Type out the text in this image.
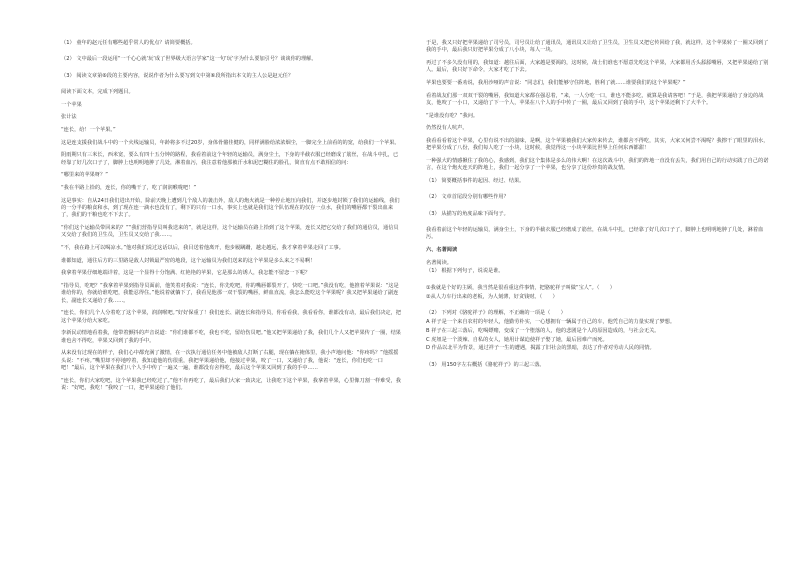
（1） 童年的赵元任有哪些超乎常人的优点？请简要概括。

（2） 文中最后一段运用“一千心心就‘玩’成了世界级大语言学家”这一句‘玩’字为什么要加引号？谈谈你的理解。

（3） 阅读文章第⑥段的主要内容，说说作者为什么要写到文中第⑥段所指出本文的主人公是赵元任？

阅读下面文本，完成下列题目。

一个苹果

张计法

“连长，给！一个苹果。”

这是连支援我们战斗中的一个火线运输员，年龄将多不过20岁，身体骨骼佳健的，同样满脸给浓浓烟尘，一脚完全上前看的的宽，给我们一个苹果。

阴雨期只有三米长，西米宽，要么有四十五分钟的路程，我看着前这个年轻的运输员，满身尘土，下身的半截衣服已经磨成了筋丝，在战斗中扎，已经靠了好几次口子了，脚肿上也明明地肿了几处，淋着血污，我注意着他那被汗水和泥巴糊住的脸孔，简直有点不敢相信的问：

“哪里来的苹果呀？”

“我在半路上拾的，连长，你的嘴干了，吃了润润喉咙吧！”

这是事实：自从24日我们进出开始，除前天晚上遭到几个敌人的袭击外，敌人的炮火就是一种停止地压向我们，并逐步地封锁了我们的运输线，我们的一分半的粮食和水，到了现在连一滴水也没有了，剩下的只有一口水，事实上也就是我们这个队伍现在的仅存一点水，我们的嘴唇都干裂出血来了，我们的干粮也吃不下去了。

“你们这个运输员带回来的？”“我们营指导员叫我送来的”，就是这样，这个运输员在路上拾到了这个苹果，连长又把它交给了我们的通信员，通信员又交给了我们的卫生员，卫生员又交给了我……。

“不，我在路上可以喝凉水。”他对我们说过这话以后，我目送着他离开，他步履蹒跚，越走越远，我才拿着苹果走回了工事。

谁都知道，通往后方的三里路是敌人封锁最严密的地段，这个运输员为我们送来的这个苹果是多么来之不易啊！

我拿着苹果仔细地端详着，这是一个显得十分饱满、红艳艳的苹果，它是那么的诱人，我怎能不留恋一下呢？

“指导员，吃吧？”我拿着苹果到指导员面前，他笑着对我说：“连长，你先吃吧，你的嘴唇都裂开了，快吃一口吧。”我没有吃，他推着苹果说：“这是谁给你的，你就给谁吃吧，我能忍得住。”他说着就躺下了，我看见他那一双干裂的嘴唇，鲜血直流，我怎么能吃这个苹果呢？我又把苹果递给了副连长，副连长又递给了我……。

“连长，你们几个人分着吃了这个苹果，润润喉吧。”好好保重了！我们连长、副连长和指导员，你看看我，我看看你，谁都没有动，最后我们决定，把这个苹果分给大家吃。

李新民动情地看着我，他带着颤抖的声音说道：“你们谁都不吃，我也不吃，留给伤员吧。”他又把苹果递给了我，我们几个人又把苹果传了一圈，结果谁也舍不得吃，苹果又回到了我的手中。

从来没有过现在的样子，我们心中都充满了激情，在一次执行通信任务中他被敌人打断了右腿，现在躺在掩体里，我小声地问他：“你疼吗？”他摇摇头说：“不疼。”嘴里却不停地哼着，我知道他的伤很重，我把苹果递给他，他接过苹果，咬了一口，又递给了我，他说：“连长，你们也吃一口吧！”最后，这个苹果在我们八个人手中传了一遍又一遍，谁都没有舍得吃，最后这个苹果又回到了我的手中……

“连长，你们大家吃吧，这个苹果我已经吃过了。”他不肯再吃了，最后我们大家一致决定，让我吃下这个苹果，我拿着苹果，心里像刀割一样难受，我说：“好吧，我吃！”我咬了一口，把苹果递给了他们。

于是，我又只好把苹果递给了司号员，司号员让给了通讯员，通讯员又让给了卫生员，卫生员又把它传回给了我，就这样，这个苹果转了一圈又回到了我的手中，最后我只好把苹果分成了八小块，每人一块。

再过了不多久没有用的，我知道：越往后面，大家越是要渴的，这时候，战士们谁也不愿意先吃这个苹果，大家都用舌头舔舔嘴唇，又把苹果递给了别人。最后，我只好下命令，大家才吃了下去。

苹果也要要一番劝说，我用沙哑的声音说：“同志们，我们能够守住阵地，胜利了就……谁要我们的这个苹果呢？”

看着战友们那一双双干裂的嘴唇，我知道大家都在强忍着，“来，一人分吃一口，谁也不能多吃，就算是我请客吧！”于是，我把苹果递给了身边的战友，他咬了一小口，又递给了下一个人，苹果在八个人的手中传了一圈，最后又回到了我的手中，这个苹果还剩下了大半个。

“是谁没有吃？”我问。

仍然没有人吭声。

我看看看着这个苹果，心里有说不出的滋味，是啊，这个苹果被我们大家传来传去，谁都舍不得吃，其实，大家又何尝不渴呢？我擦干了眼里的泪水，把苹果分成了八份，我们每人吃了一小块，这时候，我觉得这一小块苹果比世界上任何东西都甜！

一种强大的情感揪住了我的心，我感到，我们这个集体是多么的伟大啊！在这次战斗中，我们的阵地一直没有丢失，我们用自己的行动实践了自己的诺言，在这个炮火连天的阵地上，我们一起分享了一个苹果，也分享了这份珍贵的战友情。

（1） 简要概括事件的起因、经过、结果。

（2） 文章首尾段分别有哪些作用？

（3） 从描写的角度品味下面句子。

我看着前这个年轻的运输员，满身尘土，下身的半截衣服已经磨成了筋丝，在战斗中扎，已经靠了好几次口子了，脚肿上也明明地肿了几处，淋着血污。

六、名著阅读

名著阅读。

（1） 根据下列句子，说说是谁。

①我就是个好的主顾，我当然是很看重这件事情，把骆驼祥子叫做“宝人”。（　　）

②从人力车行出来的老板，为人刻薄，好贪钱财。（　　）

（2） 下列对《骆驼祥子》的理解，不正确的一项是（　　）

A 祥子是一个来自农村的年轻人，他勤劳朴实，一心想拥有一辆属于自己的车，他凭自己的力量实现了梦想。

B 祥子在三起三落后，吃喝嫖赌，变成了一个堕落的人，他的悲剧是个人的原因造成的，与社会无关。

C 虎妞是一个泼辣、自私的女人，她用计谋迫使祥子娶了她，最后因难产而死。

D 作品以北平为背景，通过祥子一生的遭遇，揭露了旧社会的黑暗，表达了作者对劳动人民的同情。

（3） 用150字左右概括《骆驼祥子》的三起三落。
